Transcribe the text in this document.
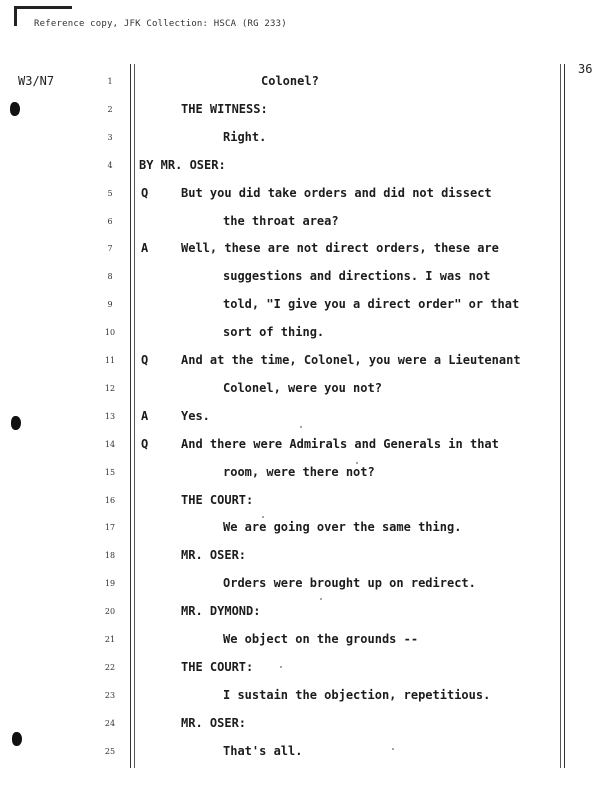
Reference copy, JFK Collection: HSCA (RG 233)
W3/N7
36
1
2
3
4
5
6
7
8
9
10
11
12
13
14
15
16
17
18
19
20
21
22
23
24
25
Colonel?
THE WITNESS:
Right.
BY MR. OSER:
Q	But you did take orders and did not dissect
the throat area?
A	Well, these are not direct orders, these are
suggestions and directions. I was not
told, "I give you a direct order" or that
sort of thing.
Q	And at the time, Colonel, you were a Lieutenant
Colonel, were you not?
A	Yes.
Q	And there were Admirals and Generals in that
room, were there not?
THE COURT:
We are going over the same thing.
MR. OSER:
Orders were brought up on redirect.
MR. DYMOND:
We object on the grounds --
THE COURT:
I sustain the objection, repetitious.
MR. OSER:
That's all.
